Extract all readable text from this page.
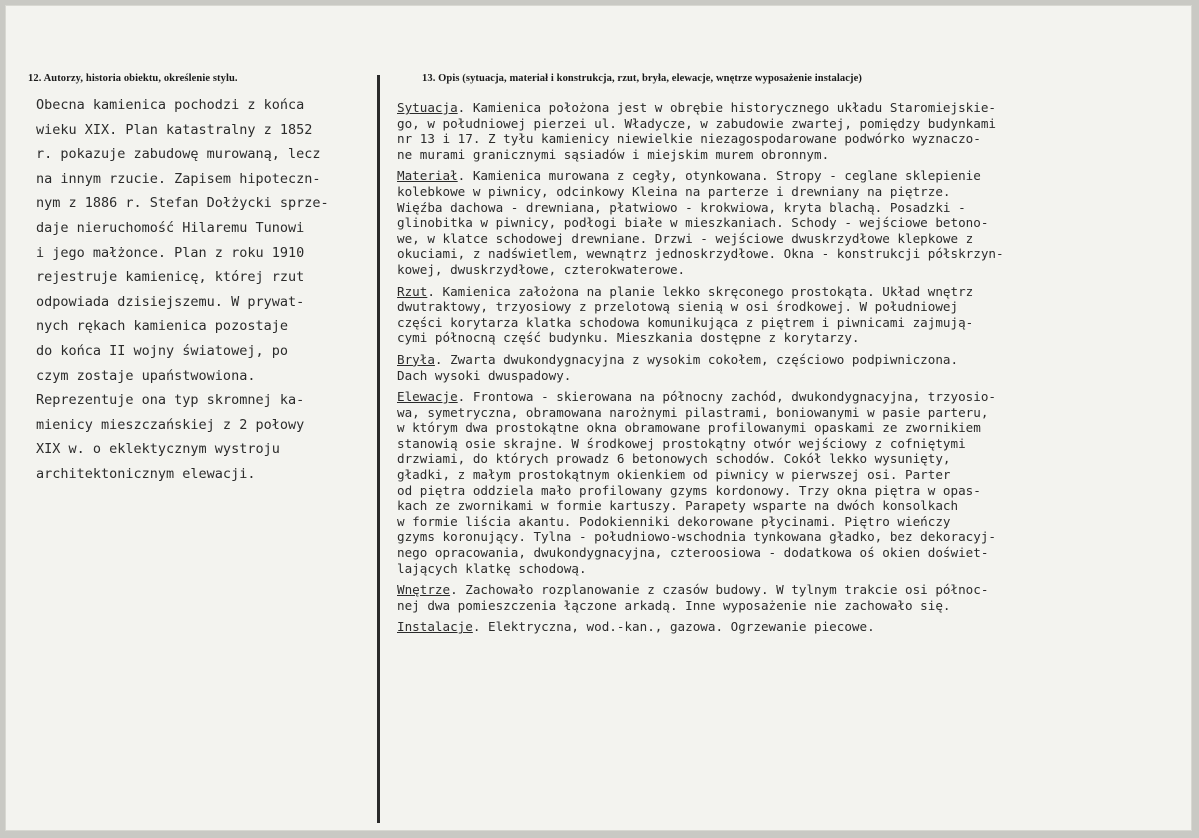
12. Autorzy, historia obiektu, określenie stylu.	13. Opis (sytuacja, materiał i konstrukcja, rzut, bryła, elewacje, wnętrze wyposażenie instalacje)
Obecna kamienica pochodzi z końca
wieku XIX. Plan katastralny z 1852
r. pokazuje zabudowę murowaną, lecz
na innym rzucie. Zapisem hipoteczn-
nym z 1886 r. Stefan Dołżycki sprze-
daje nieruchomość Hilaremu Tunowi
i jego małżonce. Plan z roku 1910
rejestruje kamienicę, której rzut
odpowiada dzisiejszemu. W prywat-
nych rękach kamienica pozostaje
do końca II wojny światowej, po
czym zostaje upaństwowiona.
Reprezentuje ona typ skromnej ka-
mienicy mieszczańskiej z 2 połowy
XIX w. o eklektycznym wystroju
architektonicznym elewacji.
Sytuacja. Kamienica położona jest w obrębie historycznego układu Staromiejskie-
go, w południowej pierzei ul. Władycze, w zabudowie zwartej, pomiędzy budynkami
nr 13 i 17. Z tyłu kamienicy niewielkie niezagospodarowane podwórko wyznaczo-
ne murami granicznymi sąsiadów i miejskim murem obronnym.
Materiał. Kamienica murowana z cegły, otynkowana. Stropy - ceglane sklepienie
kolebkowe w piwnicy, odcinkowy Kleina na parterze i drewniany na piętrze.
Więźba dachowa - drewniana, płatwiowo - krokwiowa, kryta blachą. Posadzki -
glinobitka w piwnicy, podłogi białe w mieszkaniach. Schody - wejściowe betono-
we, w klatce schodowej drewniane. Drzwi - wejściowe dwuskrzydłowe klepkowe z
okuciami, z nadświetlem, wewnątrz jednoskrzydłowe. Okna - konstrukcji półskrzyn-
kowej, dwuskrzydłowe, czterokwaterowe.
Rzut. Kamienica założona na planie lekko skręconego prostokąta. Układ wnętrz
dwutraktowy, trzyosiowy z przelotową sienią w osi środkowej. W południowej
części korytarza klatka schodowa komunikująca z piętrem i piwnicami zajmują-
cymi północną część budynku. Mieszkania dostępne z korytarzy.
Bryła. Zwarta dwukondygnacyjna z wysokim cokołem, częściowo podpiwniczona.
Dach wysoki dwuspadowy.
Elewacje. Frontowa - skierowana na północny zachód, dwukondygnacyjna, trzyosio-
wa, symetryczna, obramowana narożnymi pilastrami, boniowanymi w pasie parteru,
w którym dwa prostokątne okna obramowane profilowanymi opaskami ze zwornikiem
stanowią osie skrajne. W środkowej prostokątny otwór wejściowy z cofniętymi
drzwiami, do których prowadz 6 betonowych schodów. Cokół lekko wysunięty,
gładki, z małym prostokątnym okienkiem od piwnicy w pierwszej osi. Parter
od piętra oddziela mało profilowany gzyms kordonowy. Trzy okna piętra w opas-
kach ze zwornikami w formie kartuszy. Parapety wsparte na dwóch konsolkach
w formie liścia akantu. Podokienniki dekorowane płycinami. Piętro wieńczy
gzyms koronujący. Tylna - południowo-wschodnia tynkowana gładko, bez dekoracyj-
nego opracowania, dwukondygnacyjna, czteroosiowa - dodatkowa oś okien doświet-
lających klatkę schodową.
Wnętrze. Zachowało rozplanowanie z czasów budowy. W tylnym trakcie osi północ-
nej dwa pomieszczenia łączone arkadą. Inne wyposażenie nie zachowało się.
Instalacje. Elektryczna, wod.-kan., gazowa. Ogrzewanie piecowe.
